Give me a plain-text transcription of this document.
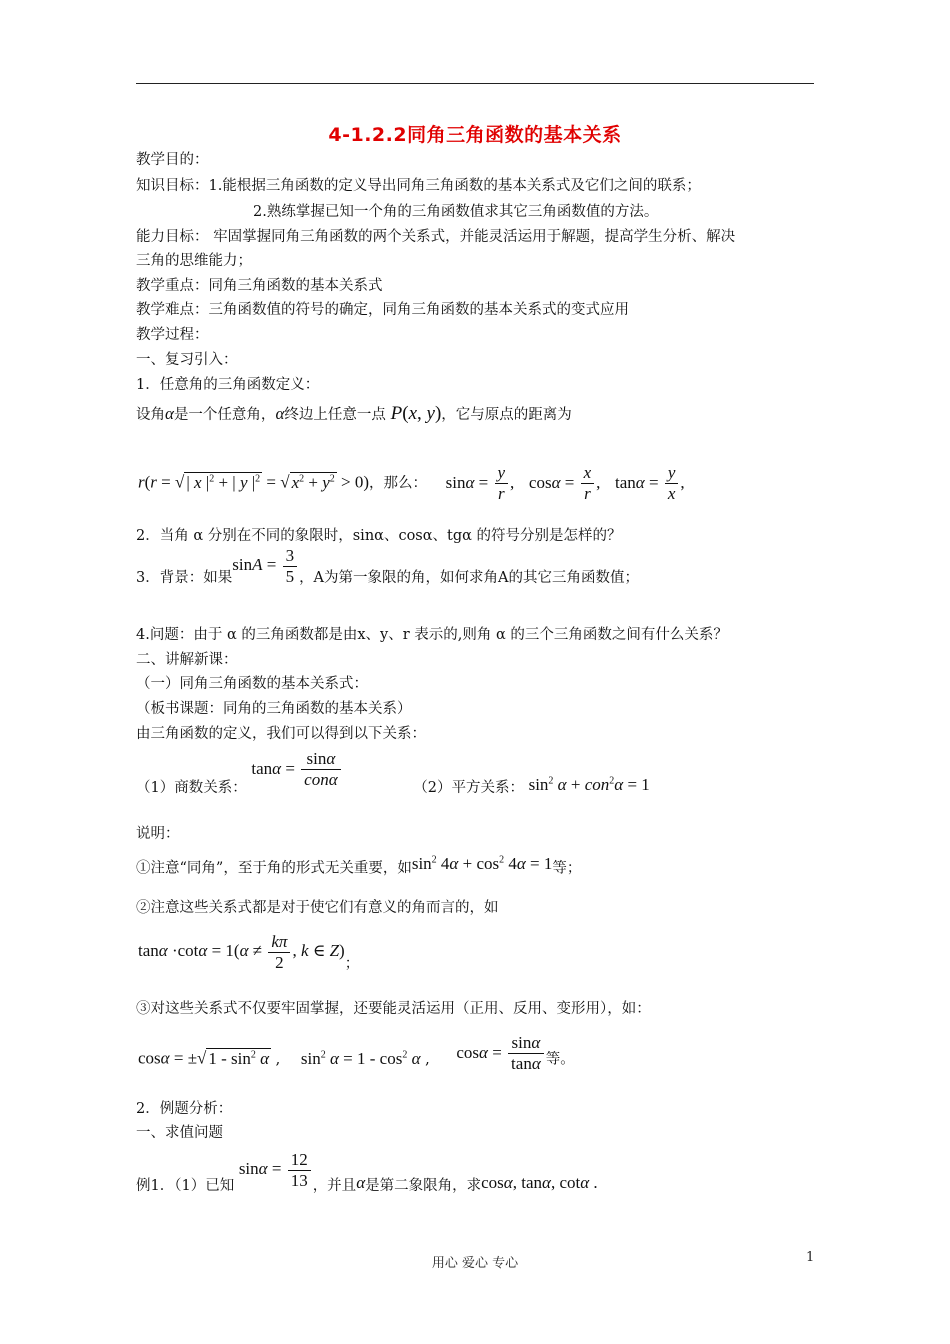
4-1.2.2同角三角函数的基本关系
教学目的：
知识目标：1.能根据三角函数的定义导出同角三角函数的基本关系式及它们之间的联系；
2.熟练掌握已知一个角的三角函数值求其它三角函数值的方法。
能力目标： 牢固掌握同角三角函数的两个关系式，并能灵活运用于解题，提高学生分析、解决
三角的思维能力；
教学重点：同角三角函数的基本关系式
教学难点：三角函数值的符号的确定，同角三角函数的基本关系式的变式应用
教学过程：
一、复习引入：
1．任意角的三角函数定义：
设角α是一个任意角，α终边上任意一点 P(x, y)，它与原点的距离为
r(r = √ | x $|^2$ + | y $|^2$ = √ $x^2 + y^2 > 0$)，那么： $\sin\alpha = \frac{y}{r}$ , $\cos\alpha = \frac{x}{r}$ , $\tan\alpha = \frac{y}{x}$ ,
2．当角 α 分别在不同的象限时，sinα、cosα、tgα 的符号分别是怎样的？
3．背景：如果$\sin A = \frac{3}{5}$ ，A为第一象限的角，如何求角A的其它三角函数值；
4.问题：由于 α 的三角函数都是由x、y、r 表示的,则角 α 的三个三角函数之间有什么关系？
二、讲解新课：
（一）同角三角函数的基本关系式：
（板书课题：同角的三角函数的基本关系）
由三角函数的定义，我们可以得到以下关系：
（1）商数关系： $\tan\alpha = \frac{\sin\alpha}{\text{conα}}$	（2）平方关系： $\sin^2 \alpha + con^2\alpha = 1$
说明：
①注意“同角”，至于角的形式无关重要，如$\sin^2 4\alpha + \cos^2 4\alpha = 1$等；
②注意这些关系式都是对于使它们有意义的角而言的，如
$\tan\alpha \cdot\cot\alpha = 1(\alpha \ne \frac{k\pi}{2}$ , k ∈ Z)；
③对这些关系式不仅要牢固掌握，还要能灵活运用（正用、反用、变形用），如：
cosα = ±√ $1 - \sin^2 \alpha$ , $\sin^2 \alpha = 1 - \cos^2 \alpha$ , $\cos\alpha = \frac{\sin\alpha}{\tan\alpha}$ 等。
2．例题分析：
一、求值问题
例1．（1）已知 $\sin\alpha = \frac{12}{13}$ ，并且α是第二象限角，求cosα, tanα, cotα .
用心 爱心 专心	1
